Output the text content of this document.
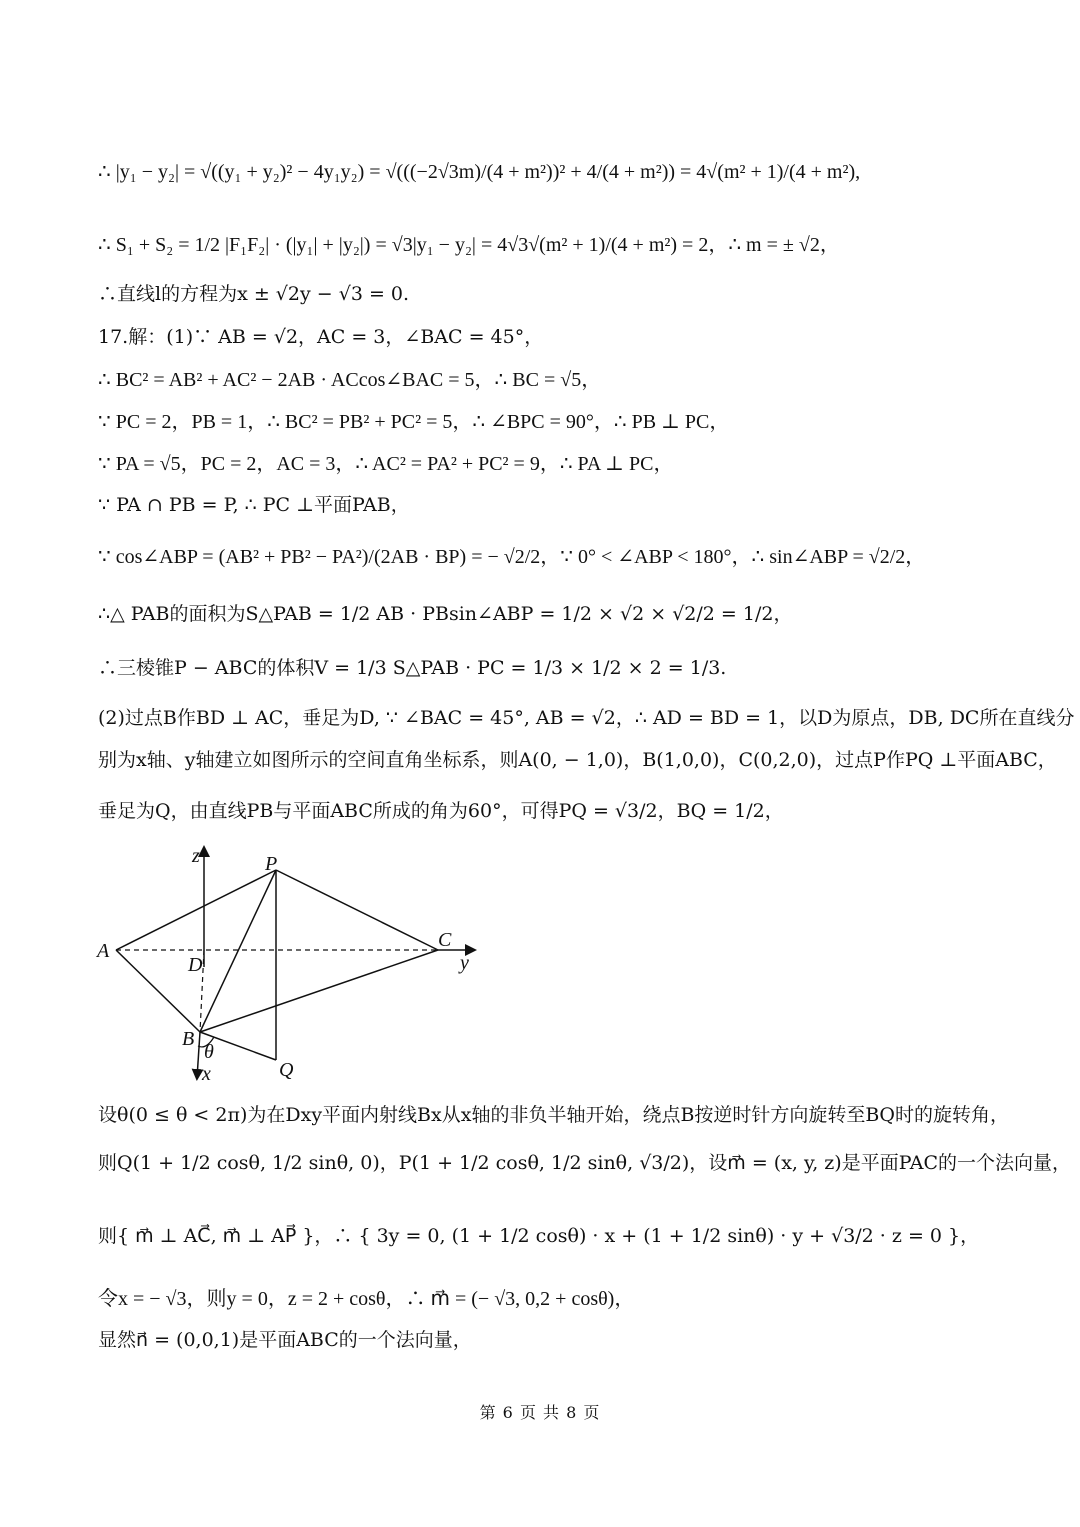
∴ |y₁ − y₂| = √((y₁ + y₂)² − 4y₁y₂) = √(((−2√3m)/(4 + m²))² + 4/(4 + m²)) = 4√(m² + 1)/(4 + m²),
∴ S₁ + S₂ = 1/2 |F₁F₂| · (|y₁| + |y₂|) = √3|y₁ − y₂| = 4√3√(m² + 1)/(4 + m²) = 2，∴ m = ± √2，
∴直线l的方程为x ± √2y − √3 = 0.
17.解：(1)∵ AB = √2，AC = 3，∠BAC = 45°，
∴ BC² = AB² + AC² − 2AB · ACcos∠BAC = 5，∴ BC = √5，
∵ PC = 2，PB = 1，∴ BC² = PB² + PC² = 5，∴ ∠BPC = 90°，∴ PB ⊥ PC，
∵ PA = √5，PC = 2，AC = 3，∴ AC² = PA² + PC² = 9，∴ PA ⊥ PC，
∵ PA ∩ PB = P, ∴ PC ⊥平面PAB，
∵ cos∠ABP = (AB² + PB² − PA²)/(2AB · BP) = − √2/2，∵ 0° < ∠ABP < 180°，∴ sin∠ABP = √2/2，
∴△ PAB的面积为S△PAB = 1/2 AB · PBsin∠ABP = 1/2 × √2 × √2/2 = 1/2，
∴三棱锥P − ABC的体积V = 1/3 S△PAB · PC = 1/3 × 1/2 × 2 = 1/3.
(2)过点B作BD ⊥ AC，垂足为D, ∵ ∠BAC = 45°, AB = √2，∴ AD = BD = 1，以D为原点，DB, DC所在直线分
别为x轴、y轴建立如图所示的空间直角坐标系，则A(0, − 1,0)，B(1,0,0)，C(0,2,0)，过点P作PQ ⊥平面ABC，
垂足为Q，由直线PB与平面ABC所成的角为60°，可得PQ = √3/2，BQ = 1/2，
z	P
A
D
C
y
B
θ
x	Q
设θ(0 ≤ θ < 2π)为在Dxy平面内射线Bx从x轴的非负半轴开始，绕点B按逆时针方向旋转至BQ时的旋转角，
则Q(1 + 1/2 cosθ, 1/2 sinθ, 0)，P(1 + 1/2 cosθ, 1/2 sinθ, √3/2)，设m⃗ = (x, y, z)是平面PAC的一个法向量，
则{ m⃗ ⊥ AC⃗, m⃗ ⊥ AP⃗ }，∴ { 3y = 0, (1 + 1/2 cosθ) · x + (1 + 1/2 sinθ) · y + √3/2 · z = 0 }，
令x = − √3，则y = 0，z = 2 + cosθ，∴ m⃗ = (− √3, 0,2 + cosθ)，
显然n⃗ = (0,0,1)是平面ABC的一个法向量，
第 6 页 共 8 页
